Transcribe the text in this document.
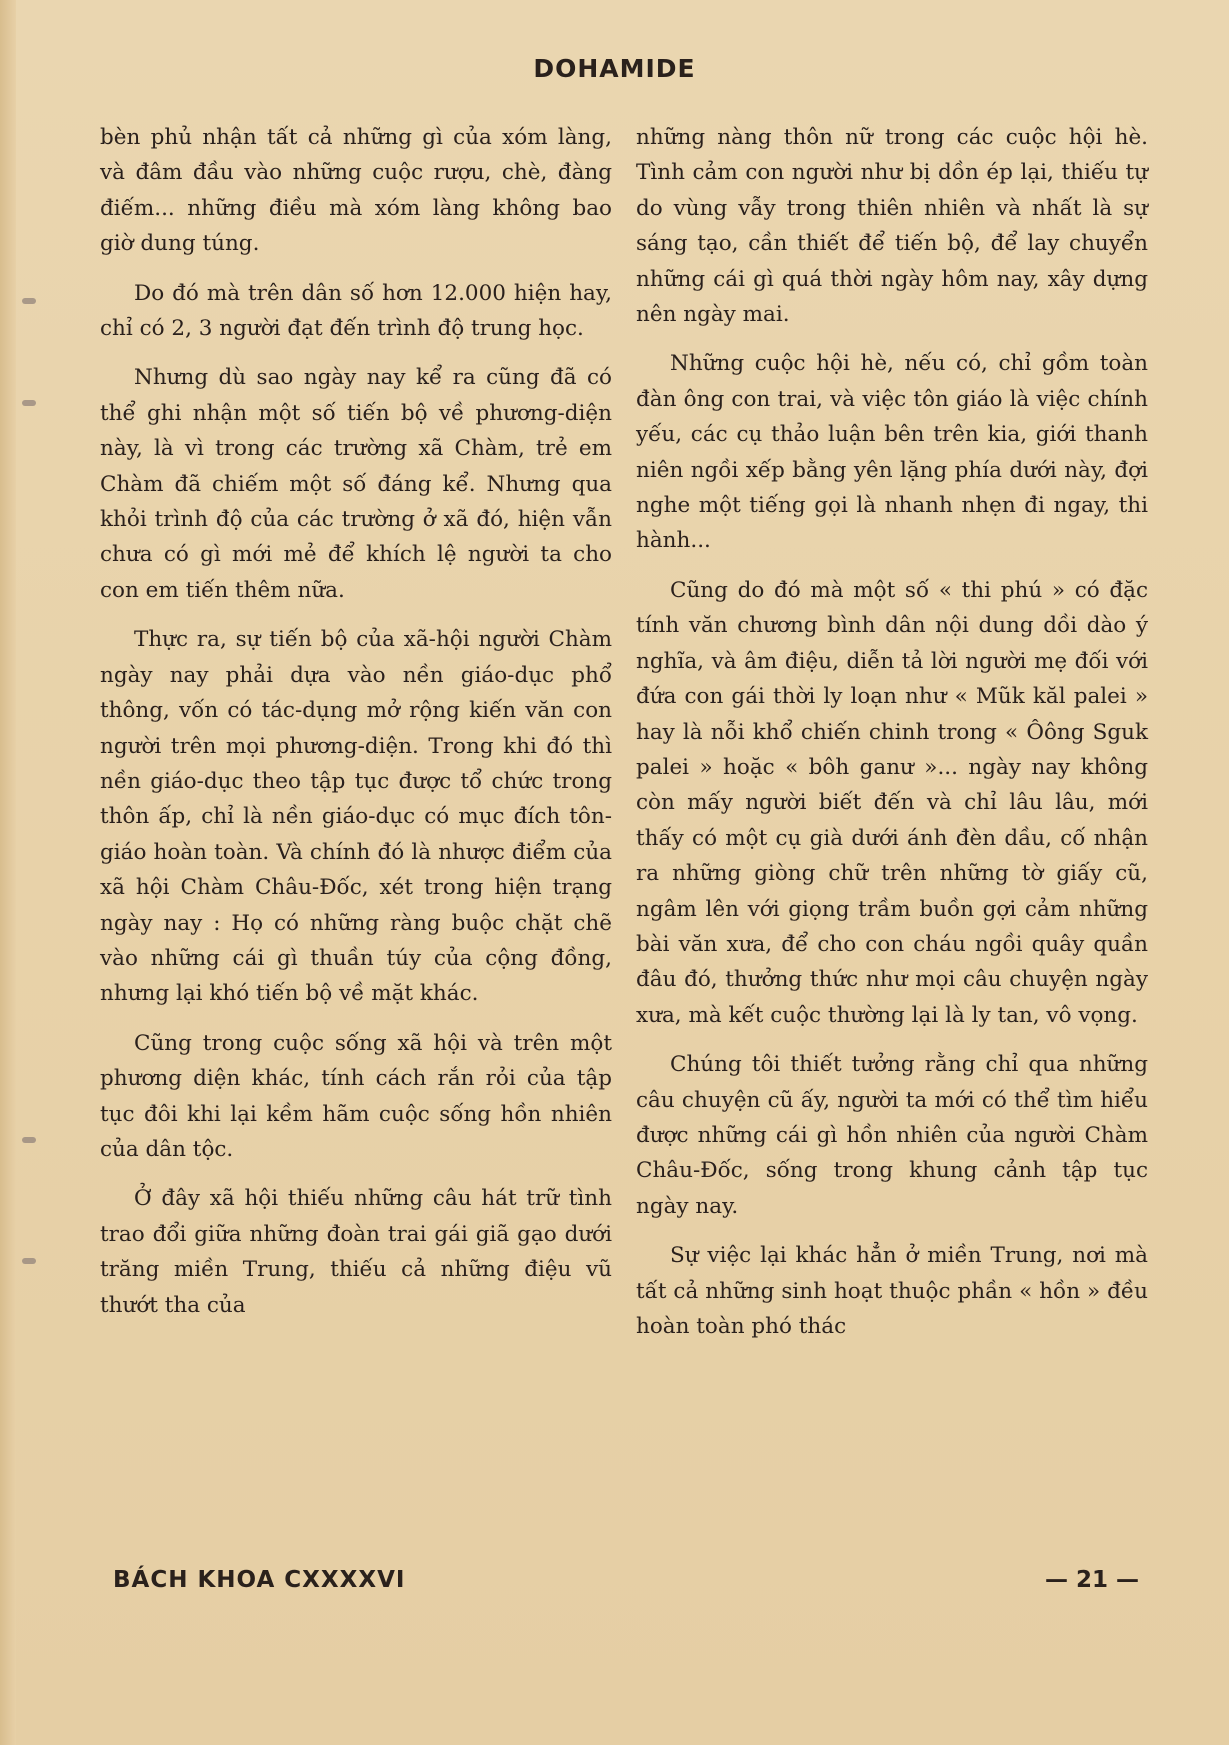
DOHAMIDE

bèn phủ nhận tất cả những gì của xóm làng, và đâm đầu vào những cuộc rượu, chè, đàng điếm... những điều mà xóm làng không bao giờ dung túng.

Do đó mà trên dân số hơn 12.000 hiện hay, chỉ có 2, 3 người đạt đến trình độ trung học.

Nhưng dù sao ngày nay kể ra cũng đã có thể ghi nhận một số tiến bộ về phương-diện này, là vì trong các trường xã Chàm, trẻ em Chàm đã chiếm một số đáng kể. Nhưng qua khỏi trình độ của các trường ở xã đó, hiện vẫn chưa có gì mới mẻ để khích lệ người ta cho con em tiến thêm nữa.

Thực ra, sự tiến bộ của xã-hội người Chàm ngày nay phải dựa vào nền giáo-dục phổ thông, vốn có tác-dụng mở rộng kiến văn con người trên mọi phương-diện. Trong khi đó thì nền giáo-dục theo tập tục được tổ chức trong thôn ấp, chỉ là nền giáo-dục có mục đích tôn-giáo hoàn toàn. Và chính đó là nhược điểm của xã hội Chàm Châu-Đốc, xét trong hiện trạng ngày nay : Họ có những ràng buộc chặt chẽ vào những cái gì thuần túy của cộng đồng, nhưng lại khó tiến bộ về mặt khác.

Cũng trong cuộc sống xã hội và trên một phương diện khác, tính cách rắn rỏi của tập tục đôi khi lại kềm hãm cuộc sống hồn nhiên của dân tộc.

Ở đây xã hội thiếu những câu hát trữ tình trao đổi giữa những đoàn trai gái giã gạo dưới trăng miền Trung, thiếu cả những điệu vũ thướt tha của

những nàng thôn nữ trong các cuộc hội hè. Tình cảm con người như bị dồn ép lại, thiếu tự do vùng vẫy trong thiên nhiên và nhất là sự sáng tạo, cần thiết để tiến bộ, để lay chuyển những cái gì quá thời ngày hôm nay, xây dựng nên ngày mai.

Những cuộc hội hè, nếu có, chỉ gồm toàn đàn ông con trai, và việc tôn giáo là việc chính yếu, các cụ thảo luận bên trên kia, giới thanh niên ngồi xếp bằng yên lặng phía dưới này, đợi nghe một tiếng gọi là nhanh nhẹn đi ngay, thi hành...

Cũng do đó mà một số « thi phú » có đặc tính văn chương bình dân nội dung dồi dào ý nghĩa, và âm điệu, diễn tả lời người mẹ đối với đứa con gái thời ly loạn như « Mũk kăl palei » hay là nỗi khổ chiến chinh trong « Ôông Sguk palei » hoặc « bôh ganư »... ngày nay không còn mấy người biết đến và chỉ lâu lâu, mới thấy có một cụ già dưới ánh đèn dầu, cố nhận ra những giòng chữ trên những tờ giấy cũ, ngâm lên với giọng trầm buồn gợi cảm những bài văn xưa, để cho con cháu ngồi quây quần đâu đó, thưởng thức như mọi câu chuyện ngày xưa, mà kết cuộc thường lại là ly tan, vô vọng.

Chúng tôi thiết tưởng rằng chỉ qua những câu chuyện cũ ấy, người ta mới có thể tìm hiểu được những cái gì hồn nhiên của người Chàm Châu-Đốc, sống trong khung cảnh tập tục ngày nay.

Sự việc lại khác hẳn ở miền Trung, nơi mà tất cả những sinh hoạt thuộc phần « hồn » đều hoàn toàn phó thác

BÁCH KHOA CXXXXVI	— 21 —
